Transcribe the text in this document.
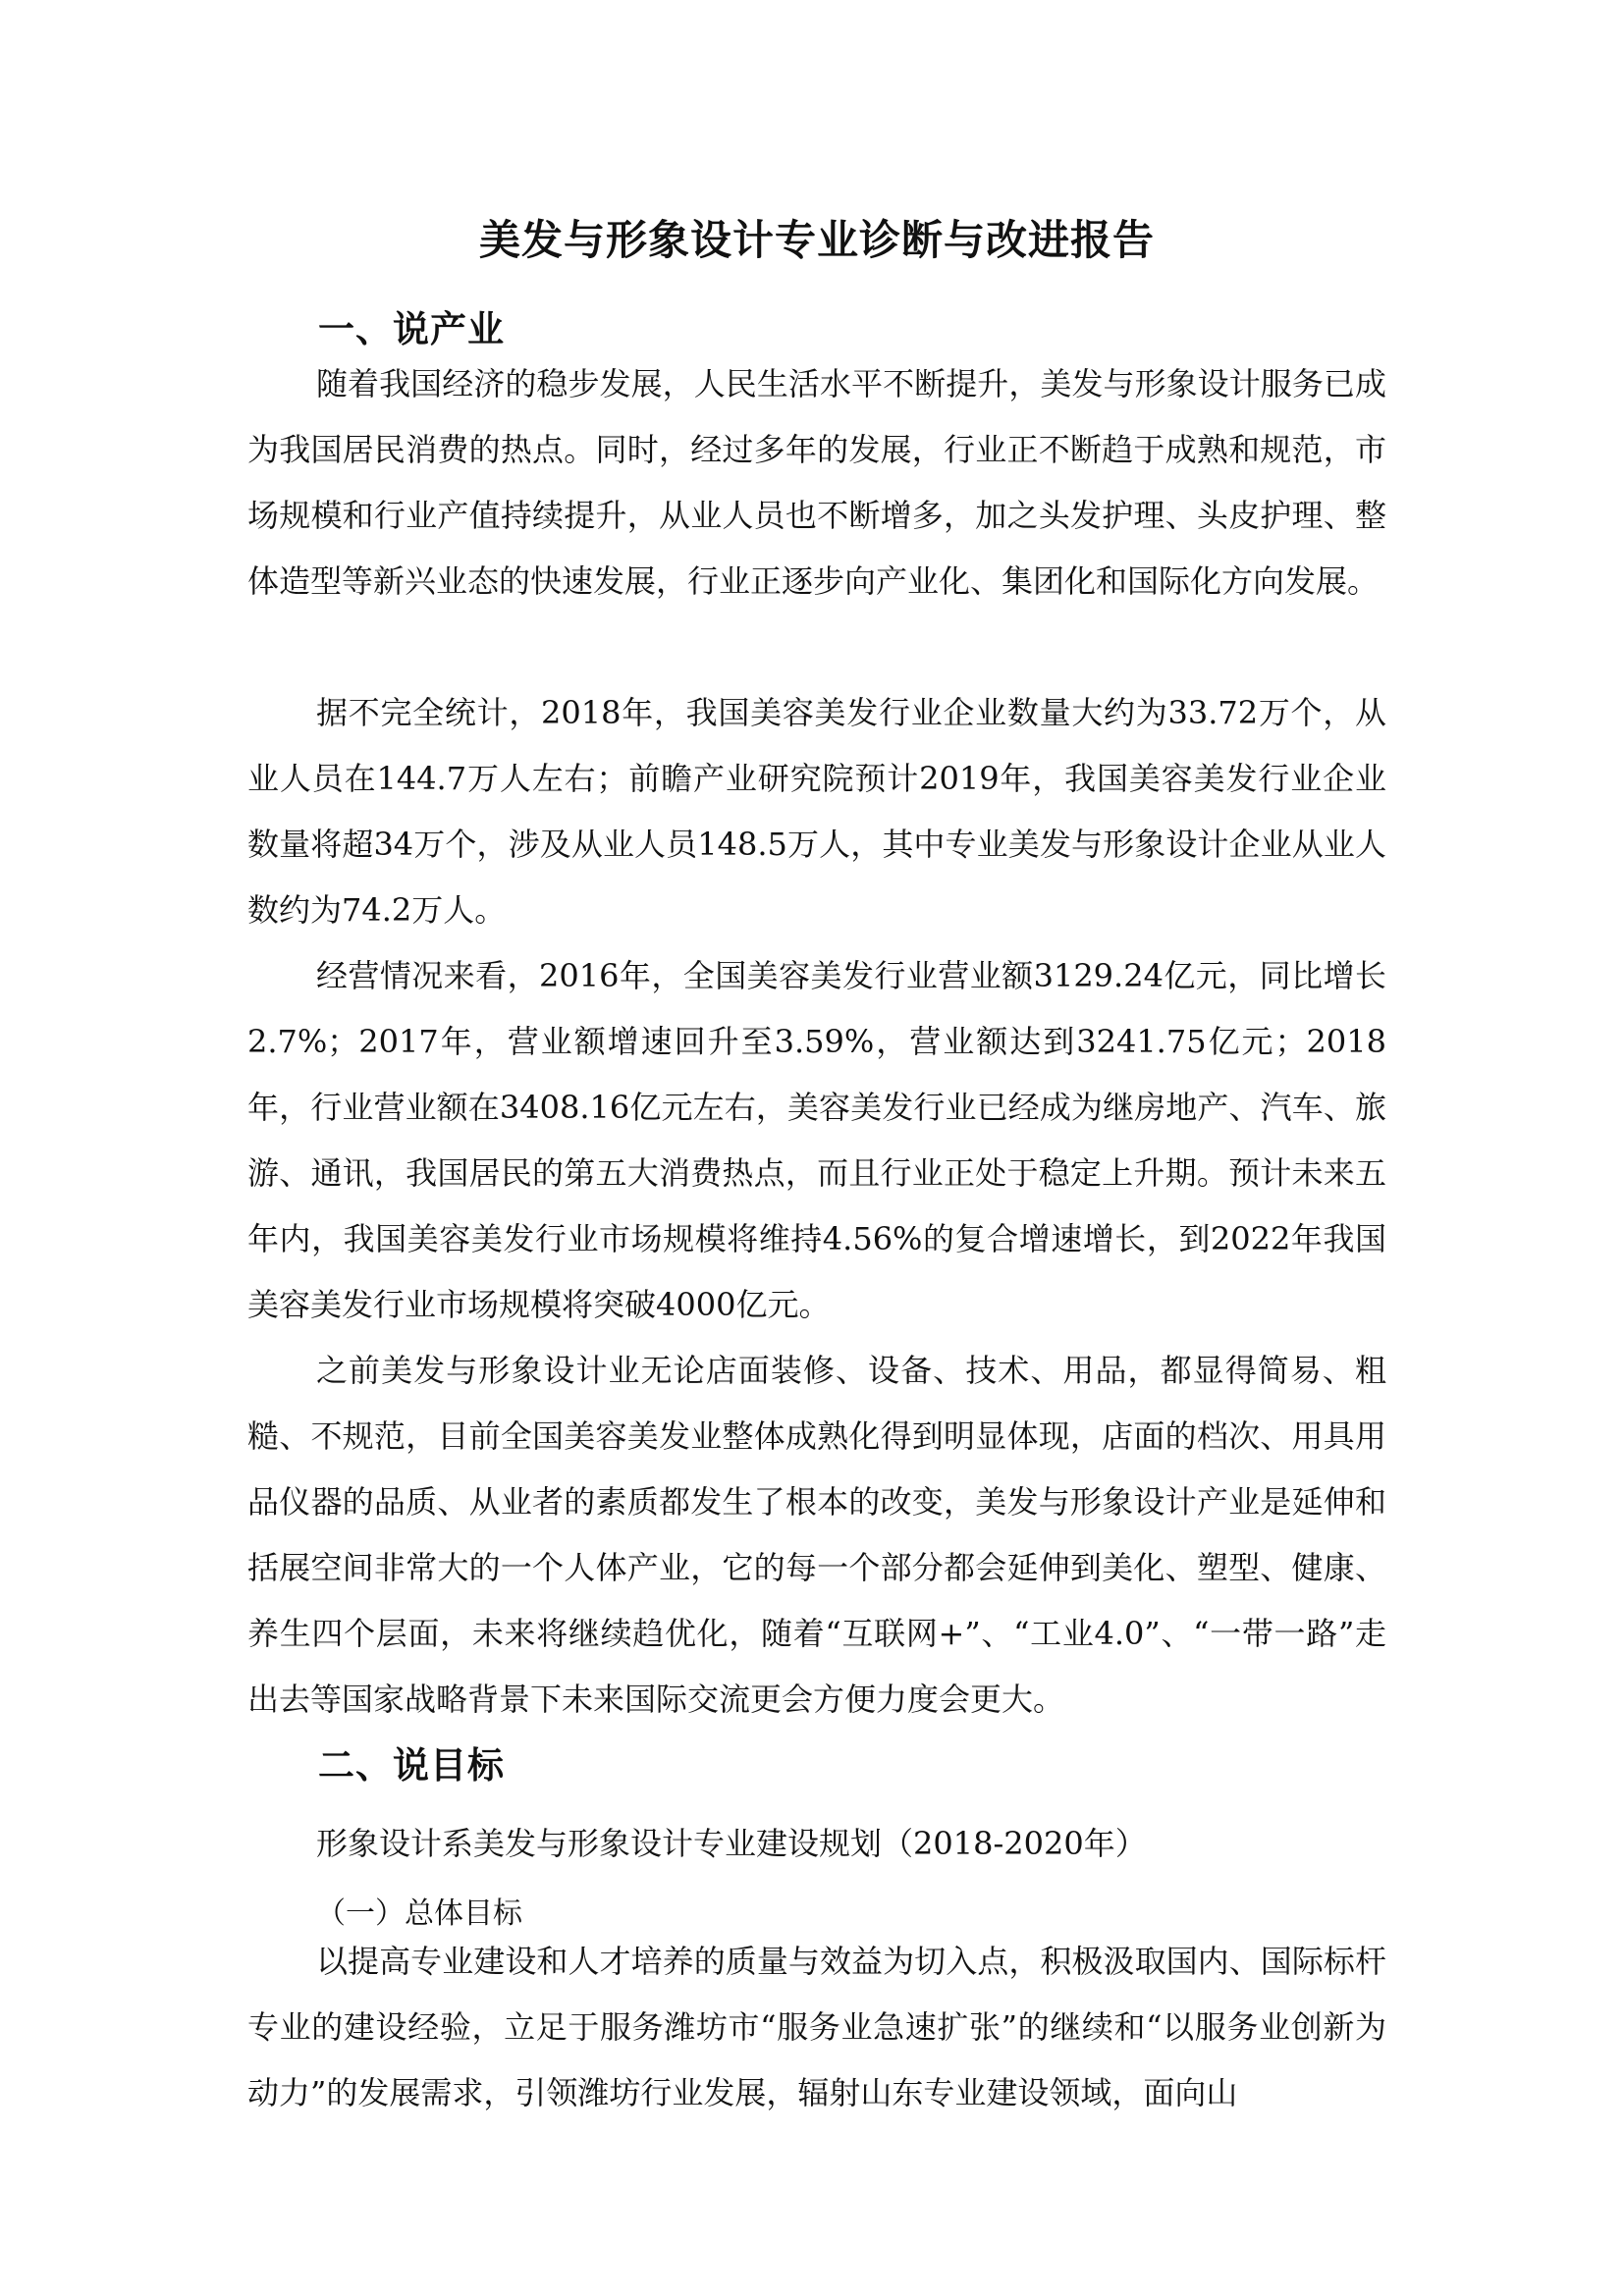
美发与形象设计专业诊断与改进报告
一、说产业

随着我国经济的稳步发展，人民生活水平不断提升，美发与形象设计服务已成为我国居民消费的热点。同时，经过多年的发展，行业正不断趋于成熟和规范，市场规模和行业产值持续提升，从业人员也不断增多，加之头发护理、头皮护理、整体造型等新兴业态的快速发展，行业正逐步向产业化、集团化和国际化方向发展。

据不完全统计，2018年，我国美容美发行业企业数量大约为33.72万个，从业人员在144.7万人左右；前瞻产业研究院预计2019年，我国美容美发行业企业数量将超34万个，涉及从业人员148.5万人，其中专业美发与形象设计企业从业人数约为74.2万人。

经营情况来看，2016年，全国美容美发行业营业额3129.24亿元，同比增长2.7%；2017年，营业额增速回升至3.59%，营业额达到3241.75亿元；2018年，行业营业额在3408.16亿元左右，美容美发行业已经成为继房地产、汽车、旅游、通讯，我国居民的第五大消费热点，而且行业正处于稳定上升期。预计未来五年内，我国美容美发行业市场规模将维持4.56%的复合增速增长，到2022年我国美容美发行业市场规模将突破4000亿元。

之前美发与形象设计业无论店面装修、设备、技术、用品，都显得简易、粗糙、不规范，目前全国美容美发业整体成熟化得到明显体现，店面的档次、用具用品仪器的品质、从业者的素质都发生了根本的改变，美发与形象设计产业是延伸和括展空间非常大的一个人体产业，它的每一个部分都会延伸到美化、塑型、健康、养生四个层面，未来将继续趋优化，随着“互联网+”、“工业4.0”、“一带一路”走出去等国家战略背景下未来国际交流更会方便力度会更大。

二、说目标
形象设计系美发与形象设计专业建设规划（2018-2020年）
（一）总体目标

以提高专业建设和人才培养的质量与效益为切入点，积极汲取国内、国际标杆专业的建设经验，立足于服务潍坊市“服务业急速扩张”的继续和“以服务业创新为动力”的发展需求，引领潍坊行业发展，辐射山东专业建设领域，面向山
